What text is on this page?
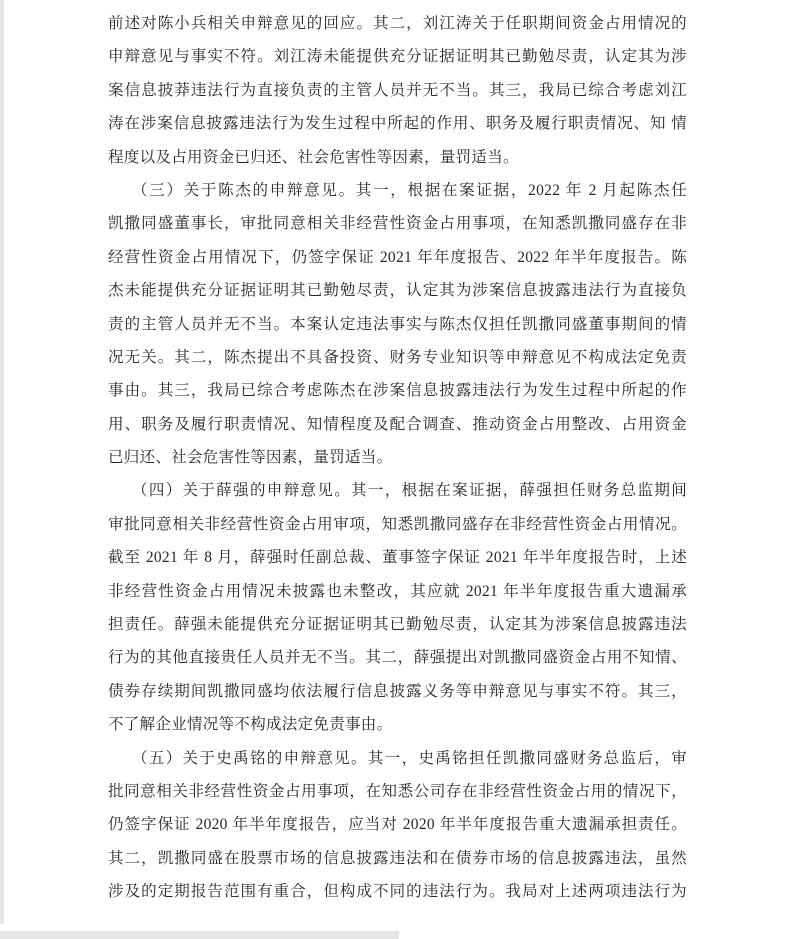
前述对陈小兵相关申辩意见的回应。其二，刘江涛关于任职期间资金占用情况的
申辩意见与事实不符。刘江涛未能提供充分证据证明其已勤勉尽责，认定其为涉
案信息披莽违法行为直接负责的主管人员并无不当。其三，我局已综合考虑刘江
涛在涉案信息披露违法行为发生过程中所起的作用、职务及履行职责情况、知 情
程度以及占用资金已归还、社会危害性等因素，量罚适当。
（三）关于陈杰的申辩意见。其一，根据在案证据，2022 年 2 月起陈杰任
凯撒同盛董事长，审批同意相关非经营性资金占用事项，在知悉凯撒同盛存在非
经营性资金占用情况下，仍签字保证 2021 年年度报告、2022 年半年度报告。陈
杰未能提供充分证据证明其已勤勉尽责，认定其为涉案信息披露违法行为直接负
责的主管人员并无不当。本案认定违法事实与陈杰仅担任凯撒同盛董事期间的情
况无关。其二，陈杰提出不具备投资、财务专业知识等申辩意见不构成法定免责
事由。其三，我局已综合考虑陈杰在涉案信息披露违法行为发生过程中所起的作
用、职务及履行职责情况、知情程度及配合调查、推动资金占用整改、占用资金
已归还、社会危害性等因素，量罚适当。
（四）关于薛强的申辩意见。其一，根据在案证据，薛强担任财务总监期间
审批同意相关非经营性资金占用审项，知悉凯撒同盛存在非经营性资金占用情况。
截至 2021 年 8 月，薛强时任副总裁、董事签字保证 2021 年半年度报告时，上述
非经营性资金占用情况未披露也未整改，其应就 2021 年半年度报告重大遗漏承
担责任。薛强未能提供充分证据证明其已勤勉尽责，认定其为涉案信息披露违法
行为的其他直接贵任人员并无不当。其二，薛强提出对凯撒同盛资金占用不知情、
债券存续期间凯撒同盛均依法履行信息披露义务等申辩意见与事实不符。其三，
不了解企业情况等不构成法定免责事由。
（五）关于史禹铭的申辩意见。其一，史禹铭担任凯撒同盛财务总监后，审
批同意相关非经营性资金占用事项，在知悉公司存在非经营性资金占用的情况下，
仍签字保证 2020 年半年度报告，应当对 2020 年半年度报告重大遗漏承担责任。
其二，凯撒同盛在股票市场的信息披露违法和在债券市场的信息披露违法，虽然
涉及的定期报告范围有重合，但构成不同的违法行为。我局对上述两项违法行为
